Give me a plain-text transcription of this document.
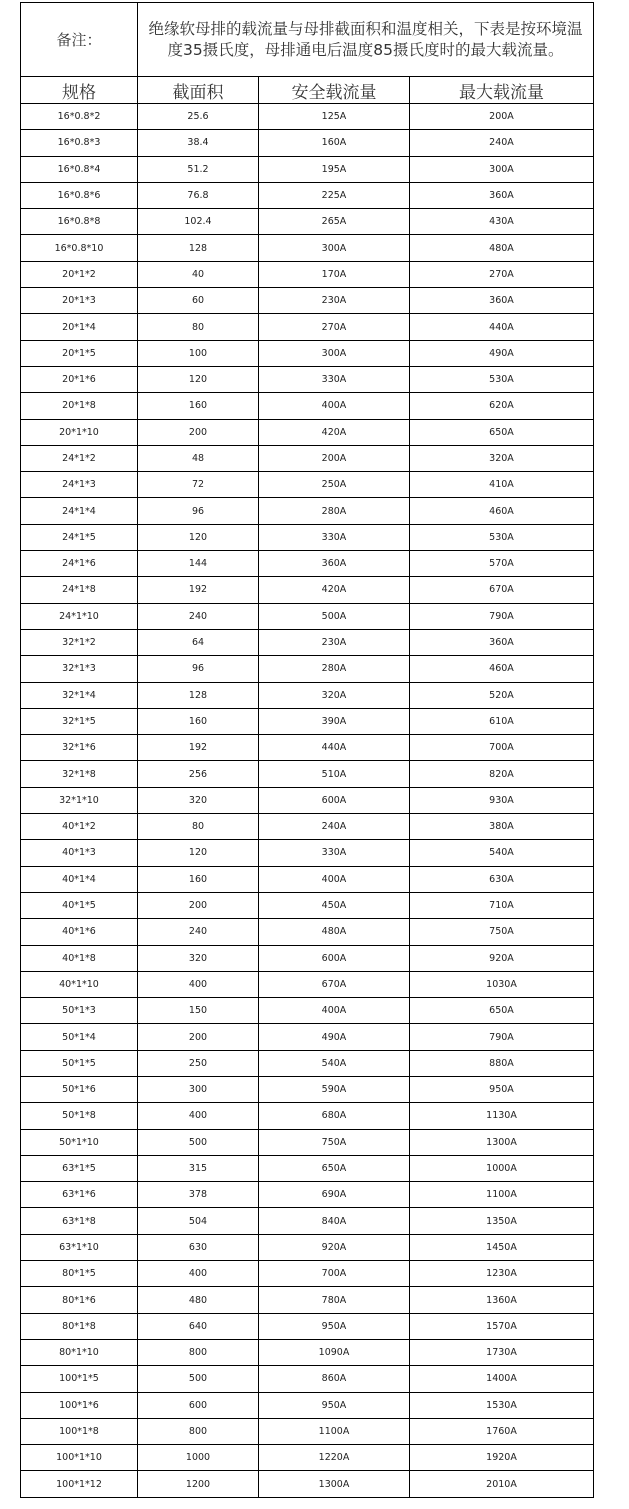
备注：	绝缘软母排的载流量与母排截面积和温度相关，下表是按环境温度35摄氏度，母排通电后温度85摄氏度时的最大载流量。		
规格	截面积	安全载流量	最大载流量
16*0.8*2	25.6	125A	200A
16*0.8*3	38.4	160A	240A
16*0.8*4	51.2	195A	300A
16*0.8*6	76.8	225A	360A
16*0.8*8	102.4	265A	430A
16*0.8*10	128	300A	480A
20*1*2	40	170A	270A
20*1*3	60	230A	360A
20*1*4	80	270A	440A
20*1*5	100	300A	490A
20*1*6	120	330A	530A
20*1*8	160	400A	620A
20*1*10	200	420A	650A
24*1*2	48	200A	320A
24*1*3	72	250A	410A
24*1*4	96	280A	460A
24*1*5	120	330A	530A
24*1*6	144	360A	570A
24*1*8	192	420A	670A
24*1*10	240	500A	790A
32*1*2	64	230A	360A
32*1*3	96	280A	460A
32*1*4	128	320A	520A
32*1*5	160	390A	610A
32*1*6	192	440A	700A
32*1*8	256	510A	820A
32*1*10	320	600A	930A
40*1*2	80	240A	380A
40*1*3	120	330A	540A
40*1*4	160	400A	630A
40*1*5	200	450A	710A
40*1*6	240	480A	750A
40*1*8	320	600A	920A
40*1*10	400	670A	1030A
50*1*3	150	400A	650A
50*1*4	200	490A	790A
50*1*5	250	540A	880A
50*1*6	300	590A	950A
50*1*8	400	680A	1130A
50*1*10	500	750A	1300A
63*1*5	315	650A	1000A
63*1*6	378	690A	1100A
63*1*8	504	840A	1350A
63*1*10	630	920A	1450A
80*1*5	400	700A	1230A
80*1*6	480	780A	1360A
80*1*8	640	950A	1570A
80*1*10	800	1090A	1730A
100*1*5	500	860A	1400A
100*1*6	600	950A	1530A
100*1*8	800	1100A	1760A
100*1*10	1000	1220A	1920A
100*1*12	1200	1300A	2010A
